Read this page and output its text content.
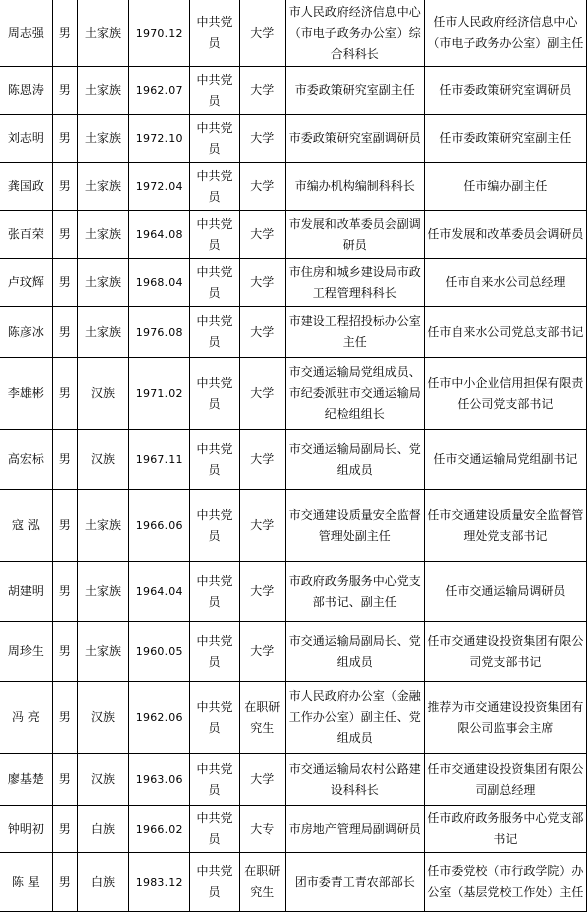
周志强	男	土家族	1970.12	中共党员	大学	市人民政府经济信息中心（市电子政务办公室）综合科科长	任市人民政府经济信息中心（市电子政务办公室）副主任
陈恩涛	男	土家族	1962.07	中共党员	大学	市委政策研究室副主任	任市委政策研究室调研员
刘志明	男	土家族	1972.10	中共党员	大学	市委政策研究室副调研员	任市委政策研究室副主任
龚国政	男	土家族	1972.04	中共党员	大学	市编办机构编制科科长	任市编办副主任
张百荣	男	土家族	1964.08	中共党员	大学	市发展和改革委员会副调研员	任市发展和改革委员会调研员
卢玟辉	男	土家族	1968.04	中共党员	大学	市住房和城乡建设局市政工程管理科科长	任市自来水公司总经理
陈彦冰	男	土家族	1976.08	中共党员	大学	市建设工程招投标办公室主任	任市自来水公司党总支部书记
李雄彬	男	汉族	1971.02	中共党员	大学	市交通运输局党组成员、市纪委派驻市交通运输局纪检组组长	任市中小企业信用担保有限责任公司党支部书记
高宏标	男	汉族	1967.11	中共党员	大学	市交通运输局副局长、党组成员	任市交通运输局党组副书记
寇 泓	男	土家族	1966.06	中共党员	大学	市交通建设质量安全监督管理处副主任	任市交通建设质量安全监督管理处党支部书记
胡建明	男	土家族	1964.04	中共党员	大学	市政府政务服务中心党支部书记、副主任	任市交通运输局调研员
周珍生	男	土家族	1960.05	中共党员	大学	市交通运输局副局长、党组成员	任市交通建设投资集团有限公司党支部书记
冯 亮	男	汉族	1962.06	中共党员	在职研究生	市人民政府办公室（金融工作办公室）副主任、党组成员	推荐为市交通建设投资集团有限公司监事会主席
廖基楚	男	汉族	1963.06	中共党员	大学	市交通运输局农村公路建设科科长	任市交通建设投资集团有限公司副总经理
钟明初	男	白族	1966.02	中共党员	大专	市房地产管理局副调研员	任市政府政务服务中心党支部书记
陈 星	男	白族	1983.12	中共党员	在职研究生	团市委青工青农部部长	任市委党校（市行政学院）办公室（基层党校工作处）主任
